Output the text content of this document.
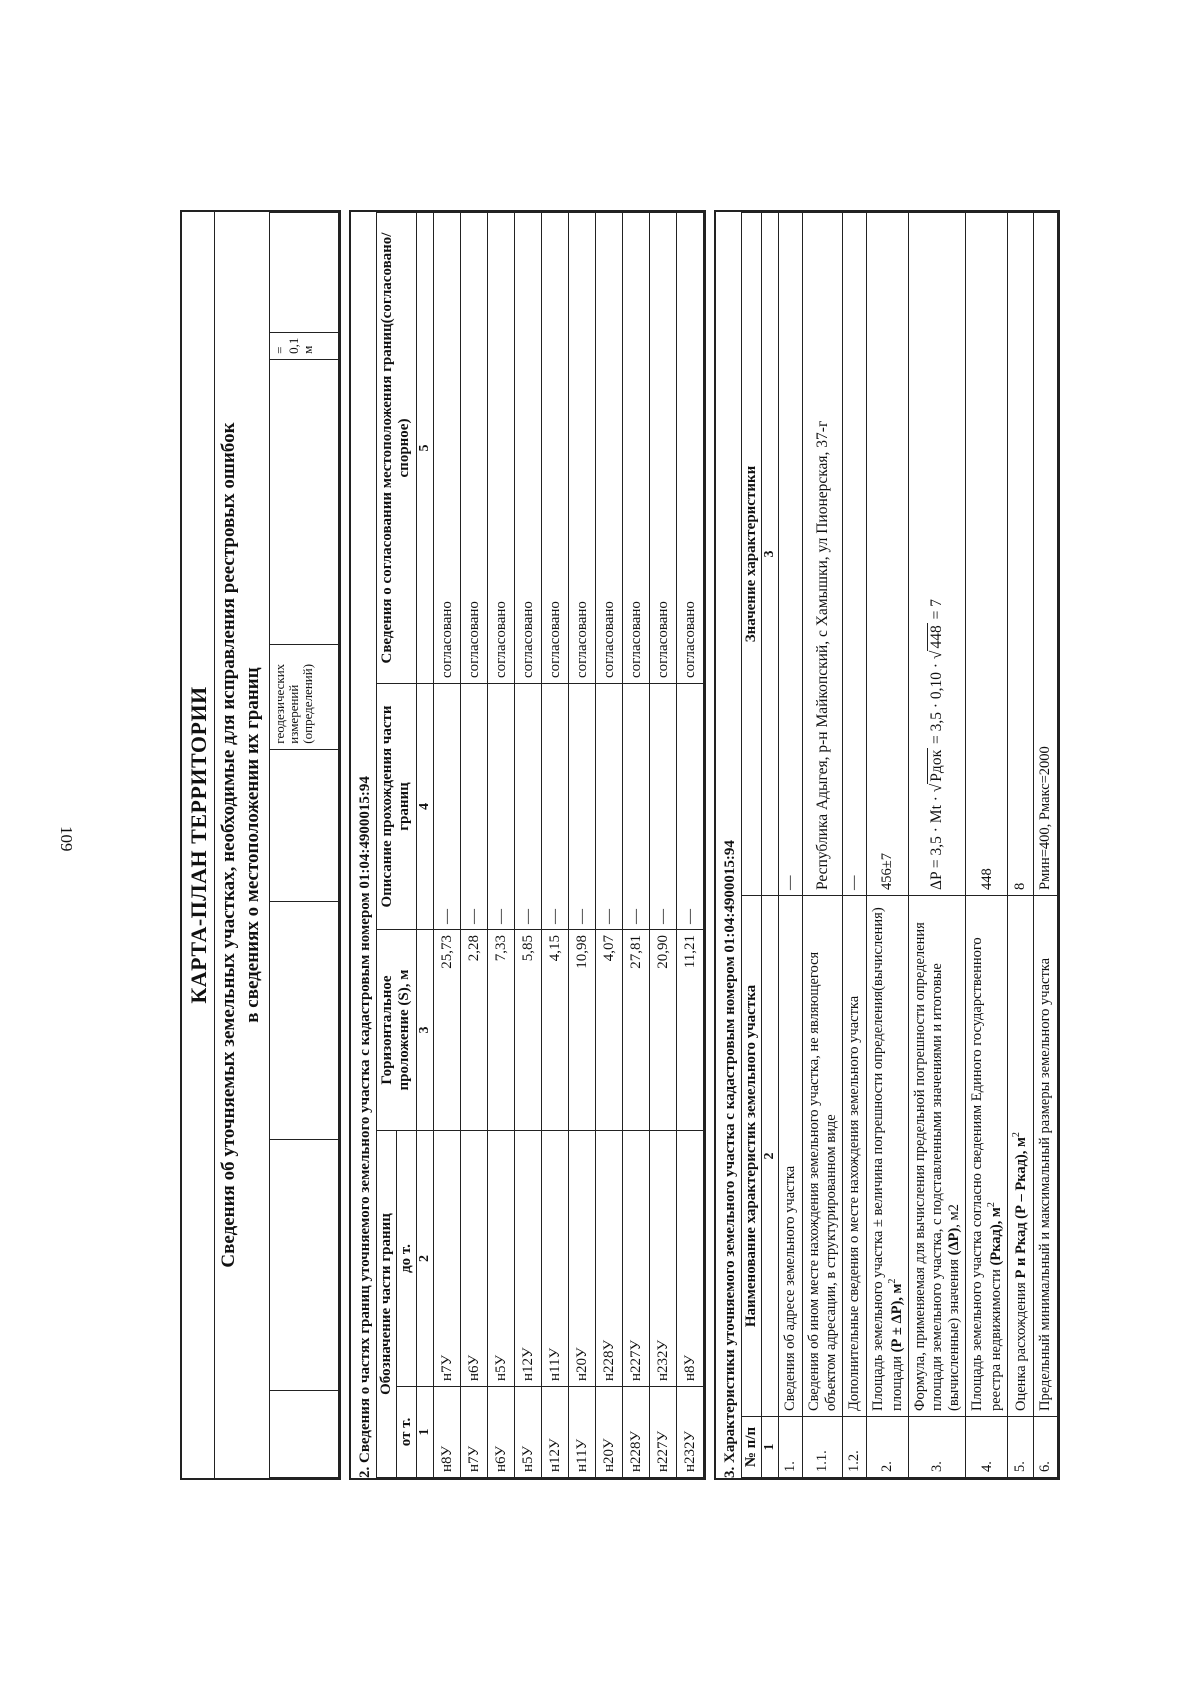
109	КАРТА-ПЛАН ТЕРРИТОРИИ Сведения об уточняемых земельных участках, необходимые для исправления реестровых ошибок в сведениях о местоположении их границ
				геодезических измерений (определений)		= 0,1 м	
2. Сведения о частях границ уточняемого земельного участка с кадастровым номером 01:04:4900015:94 Обозначение части границ		Горизонтальное проложение (S), м	Описание прохождения части границ	Сведения о согласовании местоположения границ(согласовано/спорное)
от т.	до т.			
1	2	3	4	5
н8У	н7У	25,73	—	согласовано
н7У	н6У	2,28	—	согласовано
н6У	н5У	7,33	—	согласовано
н5У	н12У	5,85	—	согласовано
н12У	н11У	4,15	—	согласовано
н11У	н20У	10,98	—	согласовано
н20У	н228У	4,07	—	согласовано
н228У	н227У	27,81	—	согласовано
н227У	н232У	20,90	—	согласовано
н232У	н8У	11,21	—	согласовано
3. Характеристики уточняемого земельного участка с кадастровым номером 01:04:4900015:94 № п/п	Наименование характеристик земельного участка	Значение характеристики
1	2	3
1.	Сведения об адресе земельного участка	—
1.1.	Сведения об ином месте нахождения земельного участка, не являющегося объектом адресации, в структурированном виде	Республика Адыгея, р-н Майкопский, с Хамышки, ул Пионерская, 37-г
1.2.	Дополнительные сведения о месте нахождения земельного участка	—
2.	Площадь земельного участка ± величина погрешности определения(вычисления) площади (Р ± ΔР), $м^2$	456±7
3.	Формула, применяемая для вычисления предельной погрешности определения площади земельного участка, с подставленными значениями и итоговые (вычисленные) значения (ΔР), м2	ΔP = 3,5 · Mt · √Pдок = 3,5 · 0,10 · √448 = 7
4.	Площадь земельного участка согласно сведениям Единого государственного реестра недвижимости (Ркад), $м^2$	448
5.	Оценка расхождения Р и Ркад (Р – Ркад), $м^2$	8
6.	Предельный минимальный и максимальный размеры земельного участка	Рмин=400, Рмакс=2000
